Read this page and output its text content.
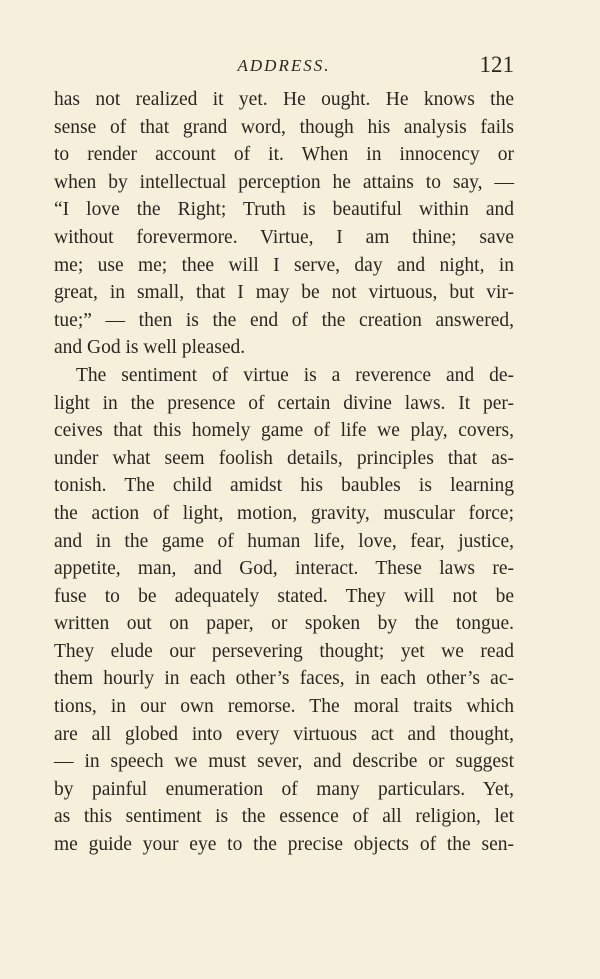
ADDRESS.	121
has not realized it yet. He ought. He knows the
sense of that grand word, though his analysis fails
to render account of it. When in innocency or
when by intellectual perception he attains to say, —
“I love the Right; Truth is beautiful within and
without forevermore. Virtue, I am thine; save
me; use me; thee will I serve, day and night, in
great, in small, that I may be not virtuous, but vir-
tue;” — then is the end of the creation answered,
and God is well pleased.
The sentiment of virtue is a reverence and de-
light in the presence of certain divine laws. It per-
ceives that this homely game of life we play, covers,
under what seem foolish details, principles that as-
tonish. The child amidst his baubles is learning
the action of light, motion, gravity, muscular force;
and in the game of human life, love, fear, justice,
appetite, man, and God, interact. These laws re-
fuse to be adequately stated. They will not be
written out on paper, or spoken by the tongue.
They elude our persevering thought; yet we read
them hourly in each other’s faces, in each other’s ac-
tions, in our own remorse. The moral traits which
are all globed into every virtuous act and thought,
— in speech we must sever, and describe or suggest
by painful enumeration of many particulars. Yet,
as this sentiment is the essence of all religion, let
me guide your eye to the precise objects of the sen-
